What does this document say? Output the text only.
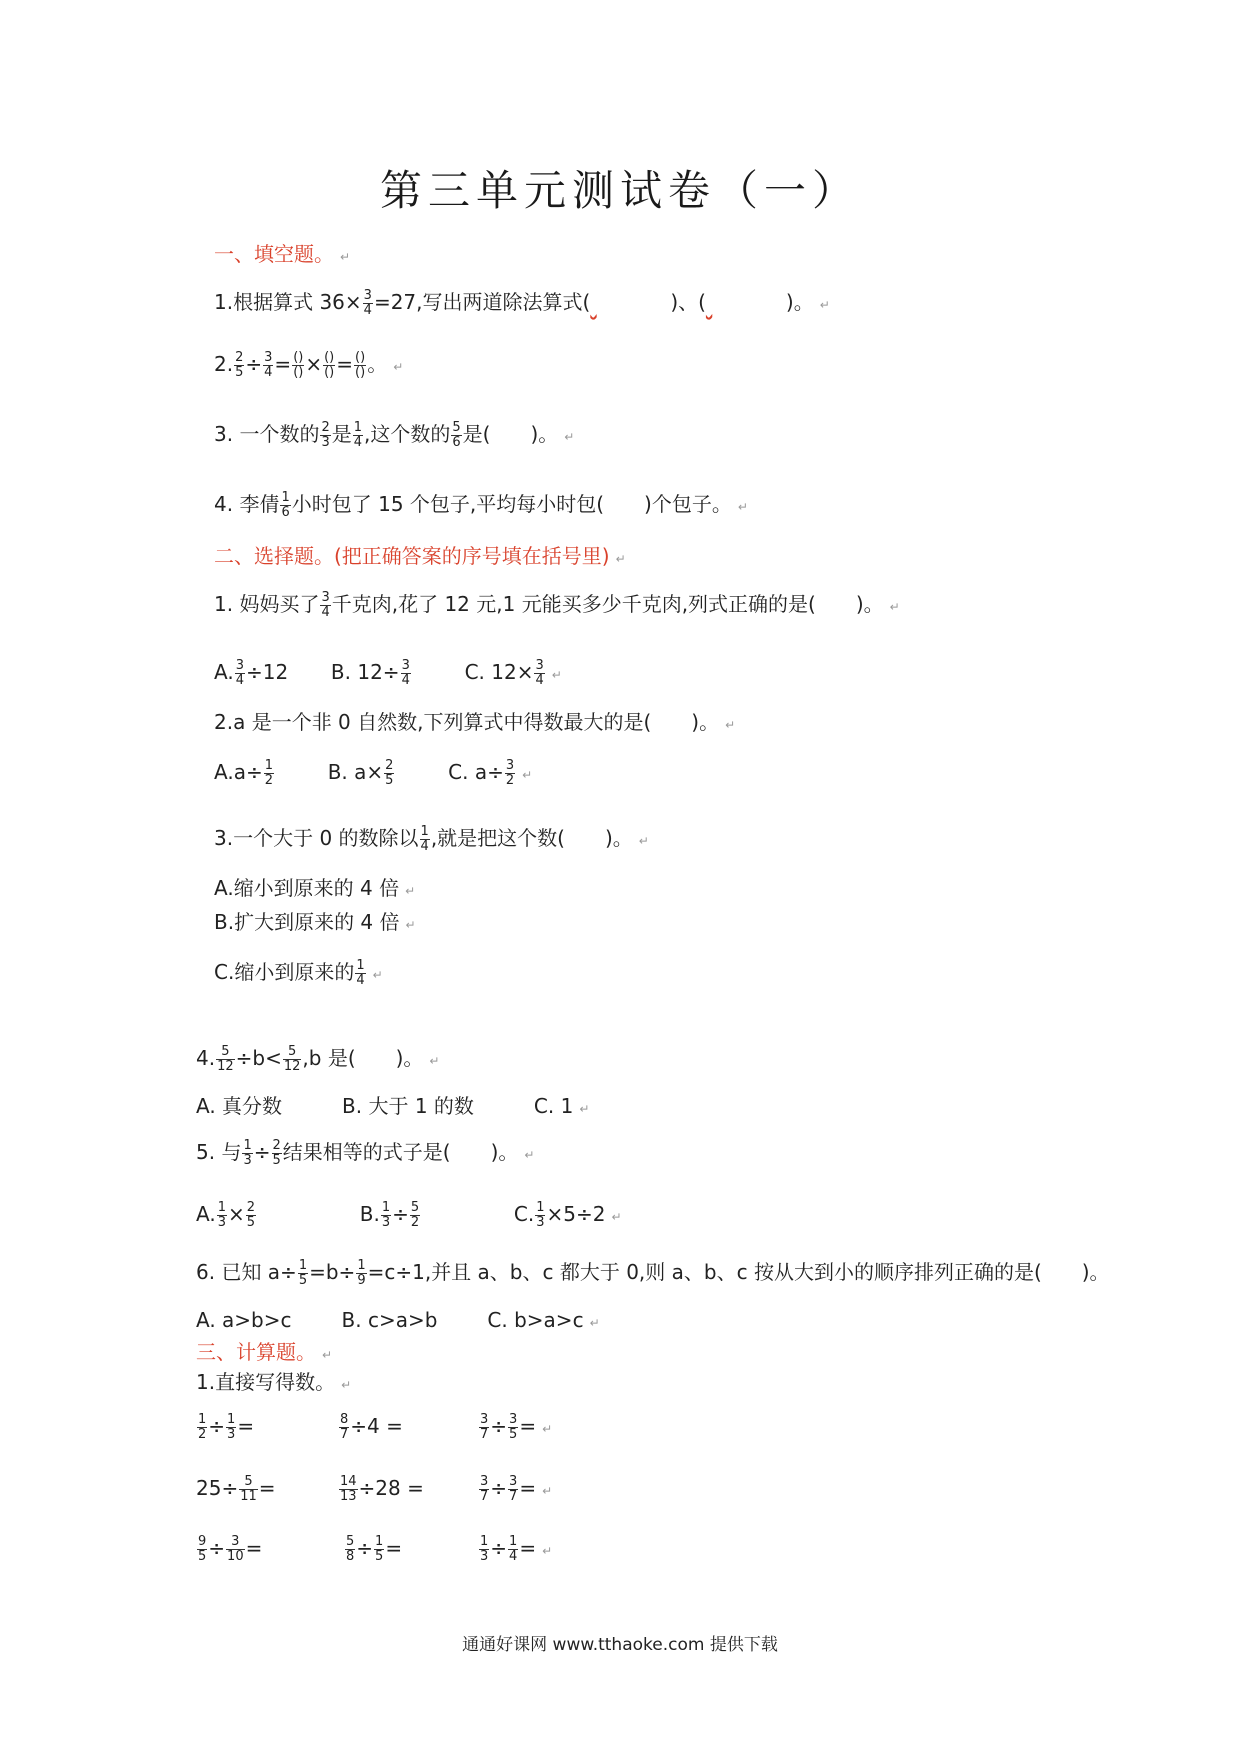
第三单元测试卷（一）
一、填空题。 ↵
1.根据算式 $36\times \frac{3}{4} =27$,写出两道除法算式(	)、(	)。 ↵
2. $\frac{2}{5} \div \frac{3}{4} = \frac{()}{()} \times \frac{()}{()} = \frac{()}{()}$ 。 ↵
3. 一个数的 $\frac{2}{3}$ 是 $\frac{1}{4}$ ,这个数的 $\frac{5}{6}$ 是(　　)。 ↵
4. 李倩 $\frac{1}{6}$ 小时包了 15 个包子,平均每小时包(　　)个包子。 ↵
二、选择题。(把正确答案的序号填在括号里) ↵
1. 妈妈买了 $\frac{3}{4}$ 千克肉,花了 12 元,1 元能买多少千克肉,列式正确的是(　　)。 ↵
A. $\frac{3}{4} \div 12$ B. $12\div \frac{3}{4}$	C. $12\times \frac{3}{4}$ ↵
2.a 是一个非 0 自然数,下列算式中得数最大的是(　　)。 ↵
$A.a\div \frac{1}{2}$	B. $a\times \frac{2}{5}$	C. $a\div \frac{3}{2}$ ↵
3.一个大于 0 的数除以 $\frac{1}{4}$ ,就是把这个数(　　)。 ↵
A.缩小到原来的 4 倍 ↵
B.扩大到原来的 4 倍 ↵
C.缩小到原来的 $\frac{1}{4}$ ↵
4. $\frac{5}{12} \div b< \frac{5}{12} ,b$ 是(　　)。 ↵
A. 真分数	B. 大于 1 的数	C. 1 ↵
5. 与 $\frac{1}{3} \div \frac{2}{5}$ 结果相等的式子是(　　)。 ↵
A. $\frac{1}{3} \times \frac{2}{5}$	B. $\frac{1}{3} \div \frac{5}{2}$	C. $\frac{1}{3} \times 5\div 2$ ↵
6. 已知 $a\div \frac{1}{5} =b\div \frac{1}{9} =c\div 1$,并且 a、b、c 都大于 0,则 a、b、c 按从大到小的顺序排列正确的是(　　)。
A. a>b>c	B. c>a>b	C. b>a>c ↵
三、计算题。 ↵
1.直接写得数。 ↵
$\frac{1}{2} \div \frac{1}{3}$ =	$\frac{8}{7} \div 4$ =	$\frac{3}{7} \div \frac{3}{5}$ = ↵
$25\div \frac{5}{11}$ =	$\frac{14}{13} \div 28$ =	$\frac{3}{7} \div \frac{3}{7}$ = ↵
$\frac{9}{5} \div \frac{3}{10}$ =	$\frac{5}{8} \div \frac{1}{5}$ =	$\frac{1}{3} \div \frac{1}{4}$ = ↵
通通好课网 www.tthaoke.com 提供下载
